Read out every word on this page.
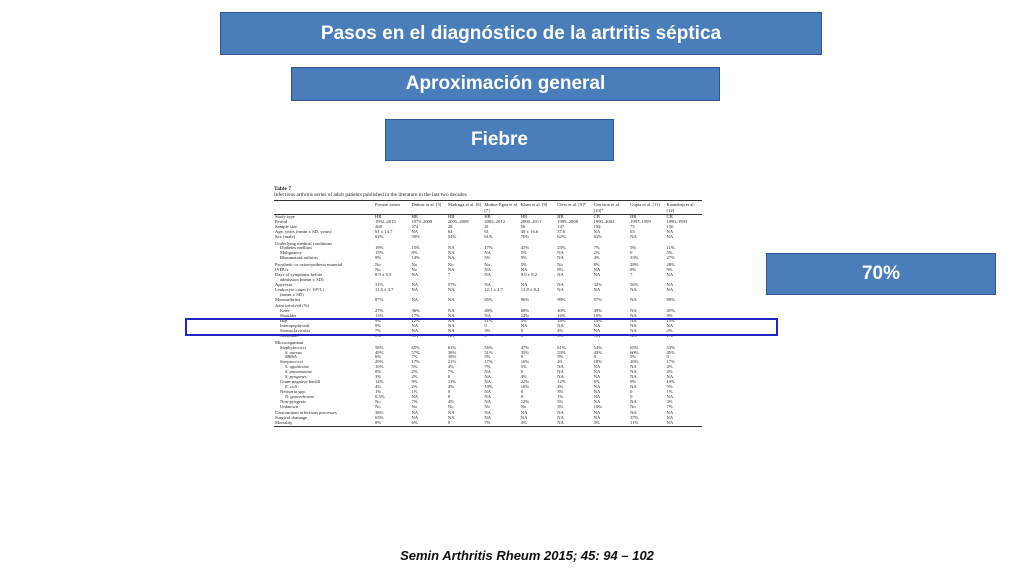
Pasos en el diagnóstico de la artritis séptica
Aproximación general
Fiebre
70%
Table 7
Infectious arthritis series of adult patients published in the literature in the last two decades
	Present series	Dubost et al. [5]	Madruga et al. [6]	Muñoz-Egea et al. [7]	Khan et al. [8]	Clerc et al. [9]*	Geirsson et al. [10]*	Gupta et al. [11]	Kaandorp et al. [12]
Study type	HB	HB	HB	HB	HB	HB	CB	HB	CB
Period	1992–2013	1979–2008	2005–2009	2005–2012	2000–2011	1999–2008	1990–2002	1997–1999	1990–1993
Sample size	268	374	28	41	56	147	184	75	150
Age, years (mean ± SD, years)	61 ± 14.7	NA	64	61	49 ± 16.6	57.6	NA	63	NA
Sex (male)	62%	59%	54%	61%	70%	62%	63%	NA	NA
Underlying medical conditions									
Diabetes mellitus	19%	15%	NA	17%	43%	23%	7%	5%	11%
Malignancy	15%	8%	NA	NA	5%	NA	2%	0	5%
Rheumatoid arthritis	9%	14%	NA	5%	9%	NA	4%	33%	27%
Prosthetic or osteosynthesis material	No	No	No	No	5%	No	8%	28%	28%
IVDUs	No	No	NA	NA	NA	8%	NA	8%	9%
Days of symptoms before	8.9 ± 9.5	NA	7	NA	9.0 ± 8.2	NA	NA	7	NA
admission (mean ± SD)									
Apyrexia	31%	NA	57%	NA	NA	NA	32%	56%	NA
Leukocyte count (× 10⁹/L)	11.6 ± 4.7	NA	NA	12.1 ± 4.7	13.8 ± 8.2	NA	NA	NA	NA
(mean ± SD)									
Monoarthritis	87%	NA	NA	85%	96%	98%	97%	NA	89%
Joint involved (%)									
Knee	27%	36%	NA	40%	68%	40%	49%	NA	45%
Shoulder	13%	17%	NA	NA	12%	16%	10%	NA	9%
Hip	9%	12%	NA	11%	5%	18%	14%	NA	15%
Interapophyseal	8%	NA	NA	0	NA	NA	NA	NA	NA
Sternoclavicular	7%	NA	NA	3%	0	4%	NA	NA	2%
Sacroiliac	5%	NA	NA	0	0	1%	NA	NA	1%
Microorganism									
Staphylococci	56%	65%	61%	56%	47%	61%	54%	65%	53%
S. aureus	49%	57%	36%	51%	35%	53%	43%	60%	45%
MRSA	6%	7%	18%	5%	0	5%	0	5%	0
Streptococci	29%	17%	21%	17%	16%	20	18%	26%	17%
S. agalactiae	10%	5%	4%	7%	5%	NA	NA	NA	4%
S. pneumoniae	8%	2%	7%	NA	0	NA	NA	NA	3%
S. pyogenes	3%	2%	0	NA	4%	NA	NA	NA	NA
Gram-negative bacilli	14%	9%	11%	NA	22%	12%	6%	9%	13%
E. coli	4%	2%	4%	10%	10%	4%	NA	NA	5%
Neisseria spp.	1%	1%	0	NA	0	3%	NA	0	1%
N. gonorrhoeae	0.5%	NA	0	NA	0	1%	NA	0	NA
Non-pyogenic	No	7%	4%	NA	12%	5%	NA	NA	3%
Unknown	No	No	No	No	No	3%	18%	No	7%
Concomitant infectious processes	38%	NA	NA	NA	NA	NA	NA	NA	NA
Surgical drainage	65%	NA	NA	NA	NA	NA	NA	37%	NA
Mortality	8%	6%	0	7%	4%	NA	3%	11%	NA
Semin Arthritis Rheum 2015; 45: 94 – 102
